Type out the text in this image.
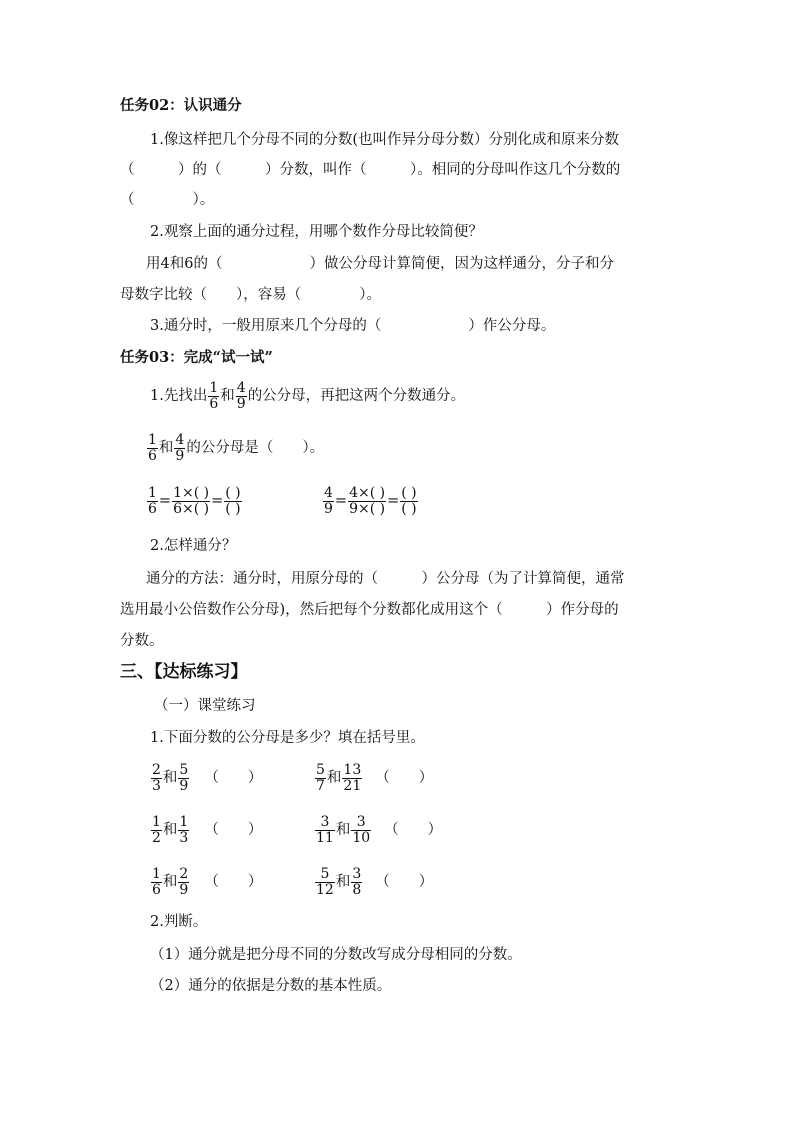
任务02：认识通分
1.像这样把几个分母不同的分数(也叫作异分母分数）分别化成和原来分数
（　　　）的（　　　）分数，叫作（　　　）。相同的分母叫作这几个分数的
（　　　　）。
2.观察上面的通分过程，用哪个数作分母比较简便？
用4和6的（　　　　　　）做公分母计算简便，因为这样通分，分子和分
母数字比较（　　），容易（　　　　）。
3.通分时，一般用原来几个分母的（　　　　　　）作公分母。
任务03：完成“试一试”
1.先找出 $\frac{1}{6}$ 和 $\frac{4}{9}$ 的公分母，再把这两个分数通分。
$\frac{1}{6}$ 和 $\frac{4}{9}$ 的公分母是（　　）。
$\frac{1}{6} = \frac{1\times( )}{6\times( )} = \frac{( )}{( )}$	$\frac{4}{9} = \frac{4\times( )}{9\times( )} = \frac{( )}{( )}$
2.怎样通分？
通分的方法：通分时，用原分母的（　　　）公分母（为了计算简便，通常
选用最小公倍数作公分母)，然后把每个分数都化成用这个（　　　）作分母的
分数。
三、【达标练习】
（一）课堂练习
1.下面分数的公分母是多少？填在括号里。
$\frac{2}{3}$ 和 $\frac{5}{9}$ （　　）	$\frac{5}{7}$ 和 $\frac{13}{21}$ （　　）
$\frac{1}{2}$ 和 $\frac{1}{3}$ （　　）	$\frac{3}{11}$ 和 $\frac{3}{10}$ （　　）
$\frac{1}{6}$ 和 $\frac{2}{9}$ （　　）	$\frac{5}{12}$ 和 $\frac{3}{8}$ （　　）
2.判断。
（1）通分就是把分母不同的分数改写成分母相同的分数。
（2）通分的依据是分数的基本性质。
